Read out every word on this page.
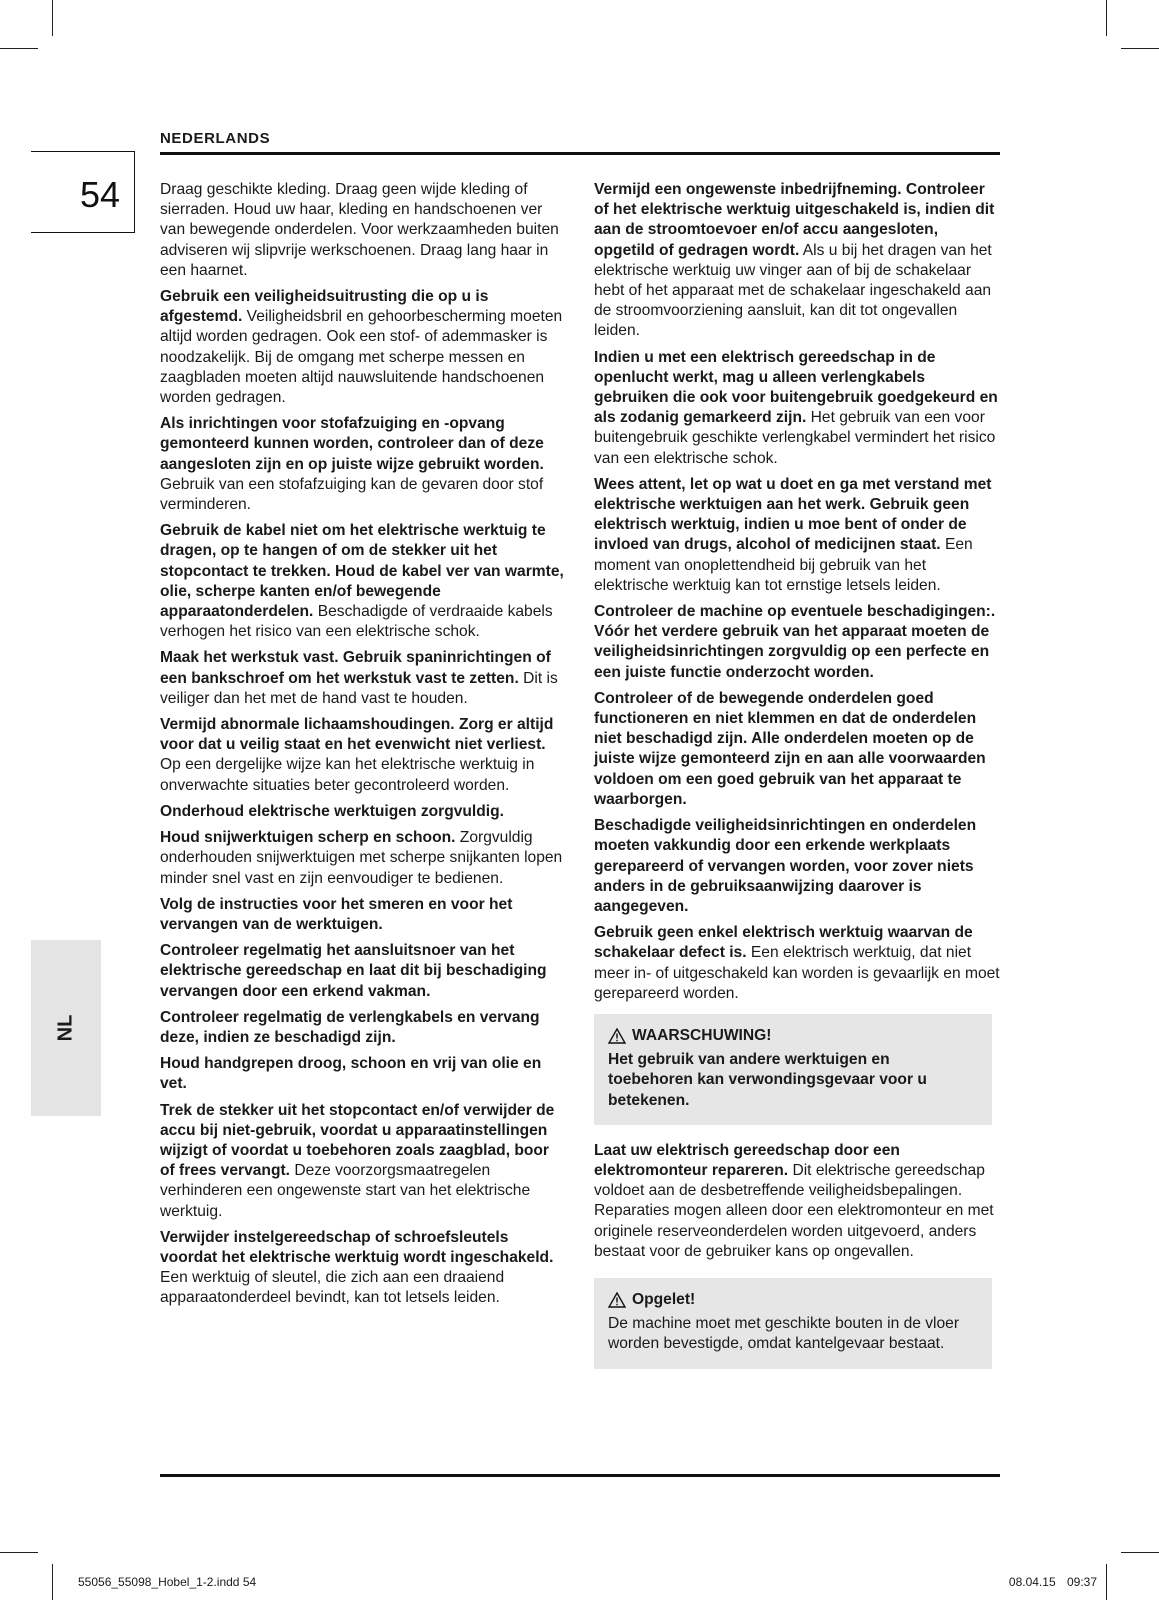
NEDERLANDS
54
NL

Draag geschikte kleding. Draag geen wijde kleding of sierraden. Houd uw haar, kleding en handschoenen ver van bewegende onderdelen. Voor werkzaamheden buiten adviseren wij slipvrije werkschoenen. Draag lang haar in een haarnet.

Gebruik een veiligheidsuitrusting die op u is afgestemd. Veiligheidsbril en gehoorbescherming moeten altijd worden gedragen. Ook een stof- of ademmasker is noodzakelijk. Bij de omgang met scherpe messen en zaagbladen moeten altijd nauwsluitende handschoenen worden gedragen.

Als inrichtingen voor stofafzuiging en -opvang gemonteerd kunnen worden, controleer dan of deze aangesloten zijn en op juiste wijze gebruikt worden. Gebruik van een stofafzuiging kan de gevaren door stof verminderen.

Gebruik de kabel niet om het elektrische werktuig te dragen, op te hangen of om de stekker uit het stopcontact te trekken. Houd de kabel ver van warmte, olie, scherpe kanten en/of bewegende apparaatonderdelen. Beschadigde of verdraaide kabels verhogen het risico van een elektrische schok.

Maak het werkstuk vast. Gebruik spaninrichtingen of een bankschroef om het werkstuk vast te zetten. Dit is veiliger dan het met de hand vast te houden.

Vermijd abnormale lichaamshoudingen. Zorg er altijd voor dat u veilig staat en het evenwicht niet verliest. Op een dergelijke wijze kan het elektrische werktuig in onverwachte situaties beter gecontroleerd worden.

Onderhoud elektrische werktuigen zorgvuldig.

Houd snijwerktuigen scherp en schoon. Zorgvuldig onderhouden snijwerktuigen met scherpe snijkanten lopen minder snel vast en zijn eenvoudiger te bedienen.

Volg de instructies voor het smeren en voor het vervangen van de werktuigen.

Controleer regelmatig het aansluitsnoer van het elektrische gereedschap en laat dit bij beschadiging vervangen door een erkend vakman.

Controleer regelmatig de verlengkabels en vervang deze, indien ze beschadigd zijn.

Houd handgrepen droog, schoon en vrij van olie en vet.

Trek de stekker uit het stopcontact en/of verwijder de accu bij niet-gebruik, voordat u apparaatinstellingen wijzigt of voordat u toebehoren zoals zaagblad, boor of frees vervangt. Deze voorzorgsmaatregelen verhinderen een ongewenste start van het elektrische werktuig.

Verwijder instelgereedschap of schroefsleutels voordat het elektrische werktuig wordt ingeschakeld. Een werktuig of sleutel, die zich aan een draaiend apparaatonderdeel bevindt, kan tot letsels leiden.

Vermijd een ongewenste inbedrijfneming. Controleer of het elektrische werktuig uitgeschakeld is, indien dit aan de stroomtoevoer en/of accu aangesloten, opgetild of gedragen wordt. Als u bij het dragen van het elektrische werktuig uw vinger aan of bij de schakelaar hebt of het apparaat met de schakelaar ingeschakeld aan de stroomvoorziening aansluit, kan dit tot ongevallen leiden.

Indien u met een elektrisch gereedschap in de openlucht werkt, mag u alleen verlengkabels gebruiken die ook voor buitengebruik goedgekeurd en als zodanig gemarkeerd zijn. Het gebruik van een voor buitengebruik geschikte verlengkabel vermindert het risico van een elektrische schok.

Wees attent, let op wat u doet en ga met verstand met elektrische werktuigen aan het werk. Gebruik geen elektrisch werktuig, indien u moe bent of onder de invloed van drugs, alcohol of medicijnen staat. Een moment van onoplettendheid bij gebruik van het elektrische werktuig kan tot ernstige letsels leiden.

Controleer de machine op eventuele beschadigingen:. Vóór het verdere gebruik van het apparaat moeten de veiligheidsinrichtingen zorgvuldig op een perfecte en een juiste functie onderzocht worden.

Controleer of de bewegende onderdelen goed functioneren en niet klemmen en dat de onderdelen niet beschadigd zijn. Alle onderdelen moeten op de juiste wijze gemonteerd zijn en aan alle voorwaarden voldoen om een goed gebruik van het apparaat te waarborgen.

Beschadigde veiligheidsinrichtingen en onderdelen moeten vakkundig door een erkende werkplaats gerepareerd of vervangen worden, voor zover niets anders in de gebruiksaanwijzing daarover is aangegeven.

Gebruik geen enkel elektrisch werktuig waarvan de schakelaar defect is. Een elektrisch werktuig, dat niet meer in- of uitgeschakeld kan worden is gevaarlijk en moet gerepareerd worden.

WAARSCHUWING!
Het gebruik van andere werktuigen en toebehoren kan verwondingsgevaar voor u betekenen.

Laat uw elektrisch gereedschap door een elektromonteur repareren. Dit elektrische gereedschap voldoet aan de desbetreffende veiligheidsbepalingen. Reparaties mogen alleen door een elektromonteur en met originele reserveonderdelen worden uitgevoerd, anders bestaat voor de gebruiker kans op ongevallen.

Opgelet!
De machine moet met geschikte bouten in de vloer worden bevestigde, omdat kantelgevaar bestaat.
55056_55098_Hobel_1-2.indd 54	08.04.15 09:37
